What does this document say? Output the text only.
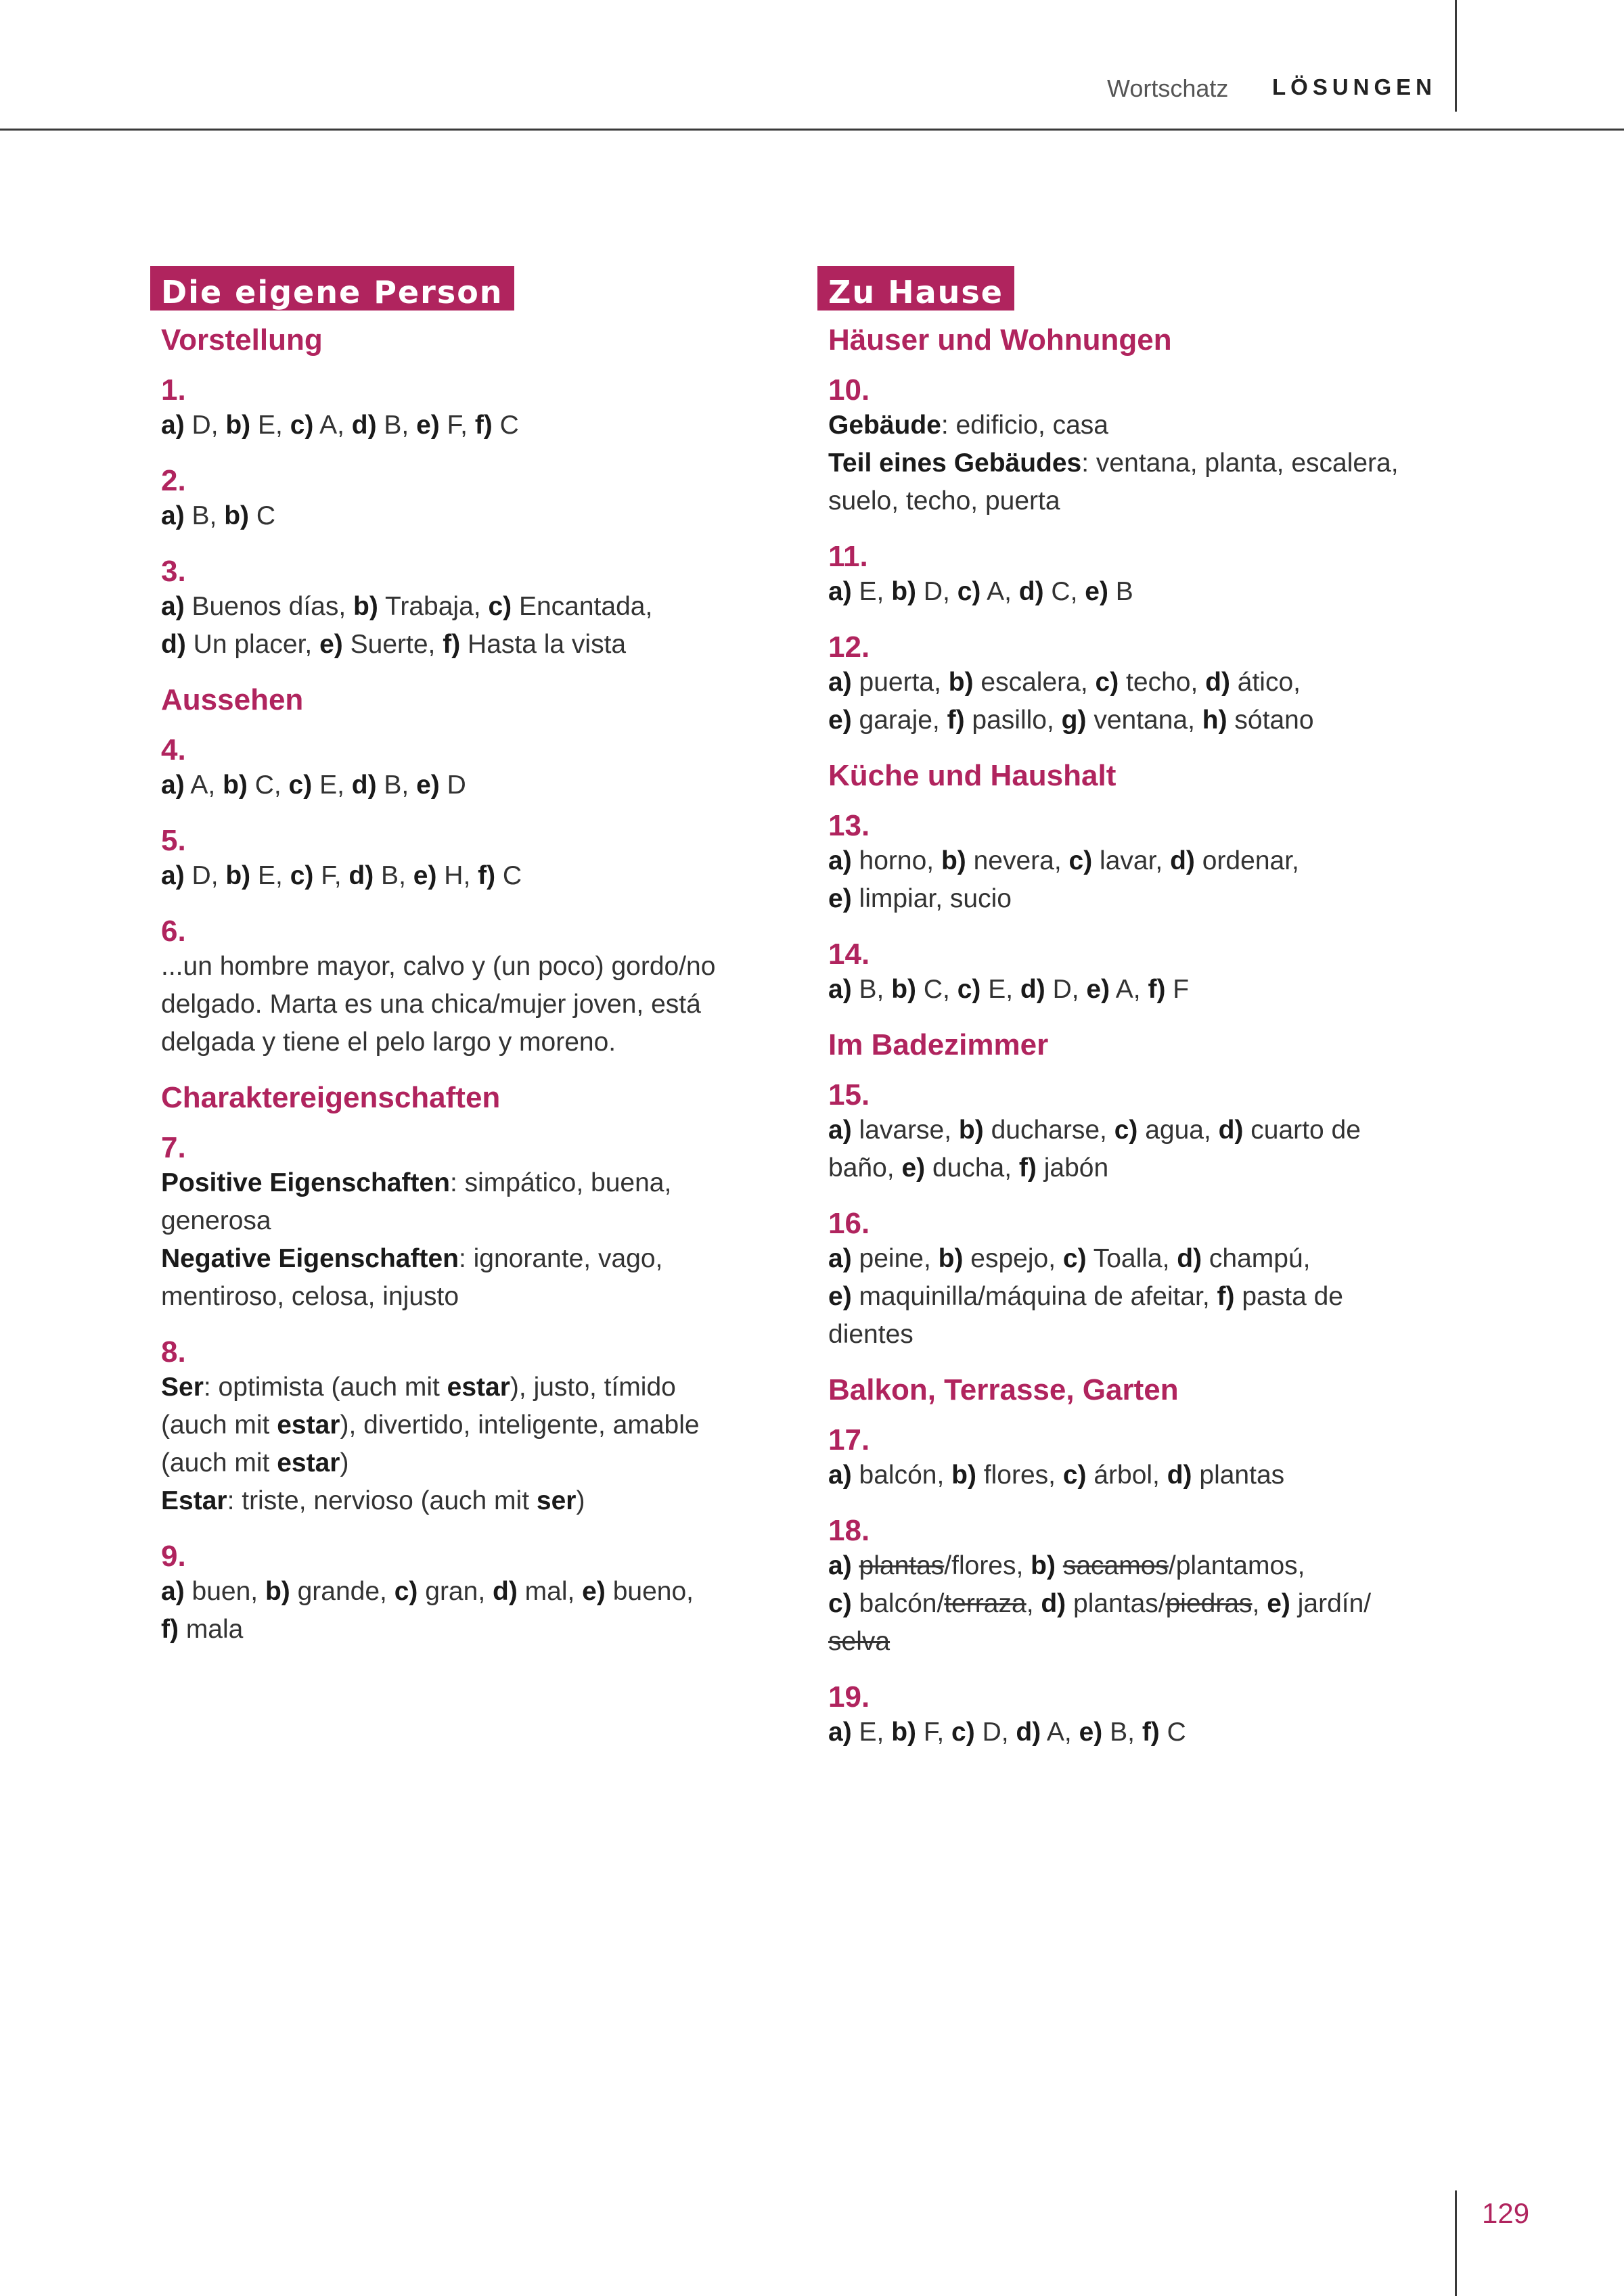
Wortschatz LÖSUNGEN
Die eigene Person
Vorstellung
1.
a) D, b) E, c) A, d) B, e) F, f) C
2.
a) B, b) C
3.
a) Buenos días, b) Trabaja, c) Encantada,
d) Un placer, e) Suerte, f) Hasta la vista
Aussehen
4.
a) A, b) C, c) E, d) B, e) D
5.
a) D, b) E, c) F, d) B, e) H, f) C
6.
...un hombre mayor, calvo y (un poco) gordo/no
delgado. Marta es una chica/mujer joven, está
delgada y tiene el pelo largo y moreno.
Charaktereigenschaften
7.
Positive Eigenschaften: simpático, buena,
generosa
Negative Eigenschaften: ignorante, vago,
mentiroso, celosa, injusto
8.
Ser: optimista (auch mit estar), justo, tímido
(auch mit estar), divertido, inteligente, amable
(auch mit estar)
Estar: triste, nervioso (auch mit ser)
9.
a) buen, b) grande, c) gran, d) mal, e) bueno,
f) mala
Zu Hause
Häuser und Wohnungen
10.
Gebäude: edificio, casa
Teil eines Gebäudes: ventana, planta, escalera,
suelo, techo, puerta
11.
a) E, b) D, c) A, d) C, e) B
12.
a) puerta, b) escalera, c) techo, d) ático,
e) garaje, f) pasillo, g) ventana, h) sótano
Küche und Haushalt
13.
a) horno, b) nevera, c) lavar, d) ordenar,
e) limpiar, sucio
14.
a) B, b) C, c) E, d) D, e) A, f) F
Im Badezimmer
15.
a) lavarse, b) ducharse, c) agua, d) cuarto de
baño, e) ducha, f) jabón
16.
a) peine, b) espejo, c) Toalla, d) champú,
e) maquinilla/máquina de afeitar, f) pasta de
dientes
Balkon, Terrasse, Garten
17.
a) balcón, b) flores, c) árbol, d) plantas
18.
a) plantas/flores, b) sacamos/plantamos,
c) balcón/terraza, d) plantas/piedras, e) jardín/
selva
19.
a) E, b) F, c) D, d) A, e) B, f) C
129
